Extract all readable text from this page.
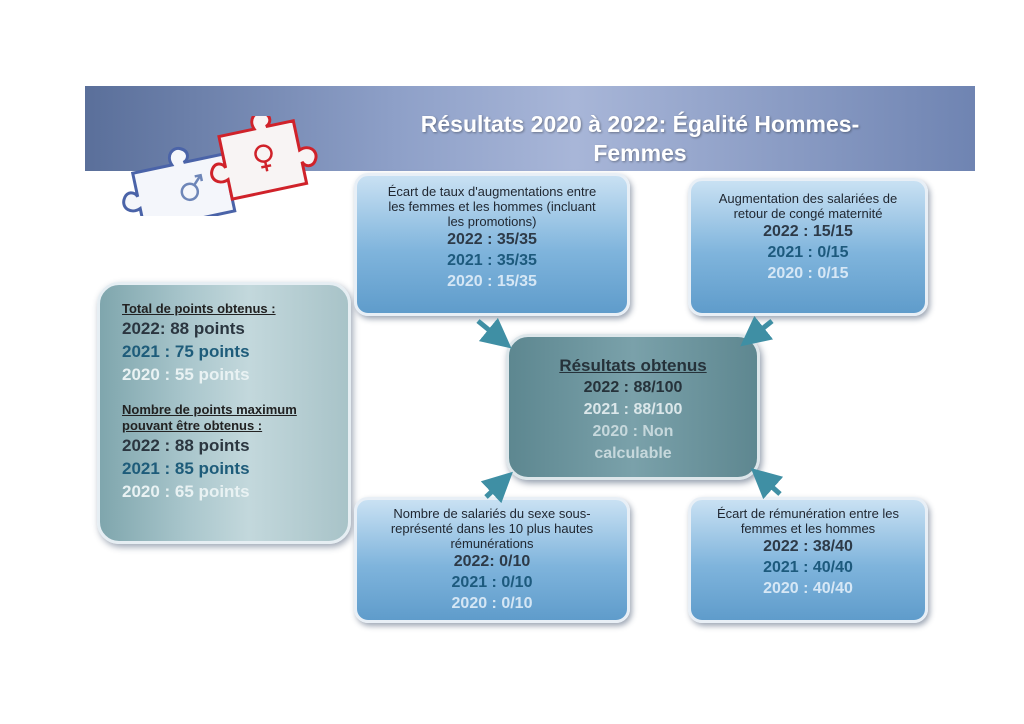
Résultats 2020 à 2022: Égalité Hommes-
Femmes
Total de points obtenus :
2022: 88 points
2021 : 75 points
2020 : 55 points
Nombre de points maximum pouvant être obtenus :
2022 : 88 points
2021 : 85 points
2020 : 65 points
Écart de taux d'augmentations entre les femmes et les hommes (incluant les promotions)
2022 : 35/35
2021 : 35/35
2020 : 15/35
Augmentation des salariées de retour de congé maternité
2022 : 15/15
2021 : 0/15
2020 : 0/15
Résultats obtenus
2022 : 88/100
2021 : 88/100
2020 : Non
calculable
Nombre de salariés du sexe sous-représenté dans les 10 plus hautes rémunérations
2022: 0/10
2021 : 0/10
2020 : 0/10
Écart de rémunération entre les femmes et les hommes
2022 : 38/40
2021 : 40/40
2020 : 40/40
